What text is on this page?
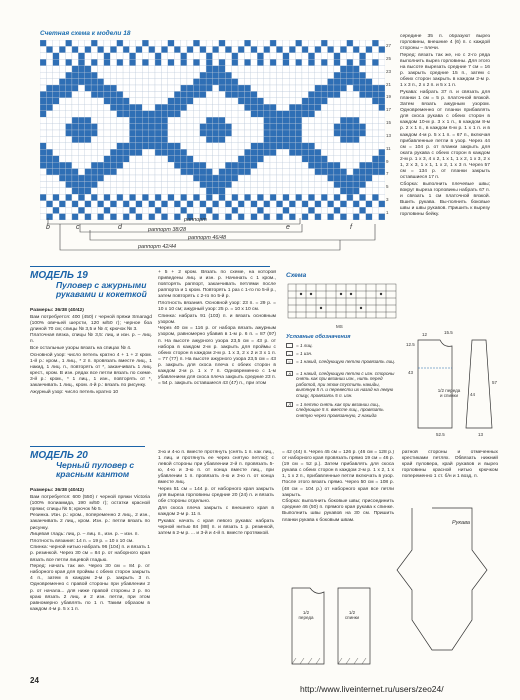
Счетная схема к модели 18
27
25
23
21
19
17
15
13
11
9
7
5
3
1
b	c	d	e	f
раппорт
раппорт 38/28
раппорт 46/48
раппорт 42/44

середине 35 п. образуют вырез горловины, внешние 4 (6) п. с каждой стороны – плечи.

Перед: вязать так же, но с 2-го ряда выполнить вырез горловины. Для этого на высоте вырезать средние 7 см = 16 р. закрыть средние 15 п., затем с обеих сторон закрыть в каждом 2-м р. 1 х 3 п., 2 х 2 п. и 5 х 1 п.

Рукава: набрать 37 п. и связать для планки 1 см = 5 р. платочной вязкой. Затем вязать ажурным узором. Одновременно от планки прибавлять для скоса рукава с обеих сторон в каждом 10-м р. 3 х 1 п., в каждом 8-м р. 2 х 1 п., в каждом 6-м р. 1 х 1 п. и в каждом 4-м р. 5 х 1 п. = 67 п., включая прибавленные петли в узор. Через 44 см = 104 р. от планки закрыть для оката рукава с обеих сторон в каждом 2-м р. 1 х 3, 4 х 2, 1 х 1, 1 х 2, 1 х 3, 2 х 1, 2 х 3, 1 х 1, 1 х 2, 1 х 3 п. Через 57 см = 134 р. от планки закрыть оставшиеся 17 п.

Сборка: выполнить плечевые швы; вокруг выреза горловины набрать 67 п. и связать 1 см платочной вязкой. Вшить рукава. Вы-полнить боковые швы и швы рукавов. Пришить к вырезу горловины бейку.

МОДЕЛЬ 19
Пуловер с ажурными рукавами и кокеткой

Размеры: 36/38 (40/42)

Вам потребуется: 400 (450) г черной пряжи Smaragd (100% овечьей шерсти, 120 м/50 г); черное боа длиной 70 см; спицы № 3,5 и № 4; крючок № 3.

Платочная вязка, спицы № 3,5: лиц. и изн. р. – лиц. п.

Все остальные узоры вязать на спицах № 4.

Основной узор: число петель кратно 4 + 1 + 2 кром. 1-й р.: кром., 1 лиц., * 2 п. провязать вместе лиц., 1 накид, 1 лиц. п., повторять от *, заканчивать 1 лиц. крест., кром. В изн. рядах все петли вязать по схеме. 3-й р.: кром., * 1 лиц., 1 изн., повторять от *, заканчивать 1 лиц., кром. 4-й р.: вязать по рисунку.

Ажурный узор: число петель кратно 10

+ 5 + 2 кром. Вязать по схеме, на которой приведены лиц. и изн. р. Начинать с 1 кром., повторять раппорт, заканчивать петлями после раппорта и 1 кром. Повторять 1 раз с 1-го по 5-й р., затем повторять с 2-го по 5-й р.

Плотность вязания. Основной узор: 23 п. = 29 р. = 10 x 10 см; ажурный узор: 25 р. = 10 x 10 см.

Спинка: набрать 91 (103) п. и вязать основным узором.

Через 40 см = 116 р. от набора вязать ажурным узором, равномерно убавив в 1-м р. 6 п. = 87 (97) п. На высоте ажурного узора 23,5 см = 43 р. от набора в каждом 2-м р. закрыть для проймы с обеих сторон в каждом 2-м р. 1 х 3, 2 х 2 и 3 х 1 п. = 77 (77) п. На высоте ажурного узора 23,5 см = 43 р. закрыть для скоса плеча с обеих сторон в каждом 2-м р. 1 x 7 п. Одновременно с 1-м убавлением для скоса плеча закрыть средние 23 п. = 54 р. закрыть оставшиеся 43 (47) п., при этом

Схема
MS
Условные обозначения
= 1 лиц.
–	= 1 изн.
○	= 1 накид, следующую петлю провязать лиц.
∧	= 1 накид, следующую петлю с изн. стороны снять как при вязании изн., нить перед работой, при этом спустить накиды, вытянув 5 п. и перевести их назад на левую спицу, провязать 5 п. изн.
⋀	= 1 петлю снять как при вязании лиц., следующие 5 п. вместе лиц., провязать снятую через провязанную, 2 накида
1/2 переда и спинки
43
12	15.5
52.5
12.5
57
44
13
МОДЕЛЬ 20
Черный пуловер с красным кантом

Размеры: 36/38 (40/42)

Вам потребуется: 600 (550) г черной пряжи Victoria (100% полиамида, 190 м/50 г); остатки красной пряжи; спицы № 5; крючок № 5.

Резинка. Изн. р.: кром., попеременно 2 лиц., 2 изн., заканчивать 2 лиц., кром. Изн. р.: петли вязать по рисунку.

Лицевая гладь: лиц. р. – лиц. п., изн. р. – изн. п.

Плотность вязания: 14 п. = 19 р. = 10 x 10 см.

Спинка: черной нитью набрать 96 (104) п. и вязать 1 р. резинкой. Через 30 см = 84 р. от наборного края вязать все петли лицевой гладью.

Перед: начать так же. Через 30 см = 84 р. от наборного края для проймы с обеих сторон закрыть 4 п., затем в каждом 2-м р. закрыть 3 п. Одновременно с правой стороны при убавлении 2 р. от начала... для ниже правой стороны 2 р. по краю вязать 2 лиц. и 2 изн. петли, при этом равномерно убавлять по 1 п. Таким образом в каждом 4-м р. 5 х 1 п.

3-ю и 4-ю п. вместе протянуть (снять 1 п. как лиц., 1 лиц. и протянуть ее через снятую петлю); с левой стороны при убавлении 2-й п. провязать 5-ю, 4-ю и 3-ю п. от конца вместе лиц., при убавлении 1 п. провязать 4-ю и 3-ю п. от конца вместе лиц.

Через 51 см = 144 р. от наборного края закрыть для выреза горловины средние 20 (24) п. и вязать обе стороны отдельно.

Для скоса плеча закрыть с внешнего края в каждом 2-м р. 11 п.

Рукава: начать с края левого рукава: набрать черной нитью 84 (88) п. и вязать 1 р. резинкой, затем в 2-м р. ... и 3-й и 4-й п. вместе протяжкой.

= 42 (44) п. Через 45 см = 126 р. (46 см = 128 р.) от наборного края провязать прямо 19 см = 46 р. (19 см = 52 р.). Затем прибавлять для скоса рукава с обеих сторон в каждом 2-м р. 1 х 2, 1 х 1, 1 х 2 п., прибавленные петли включать в узор. После этого вязать прямо. Через 50 см = 108 р. (48 см = 104 р.) от наборного края все петли закрыть.

Сборка: выполнить боковые швы; присоединить средние 46 (50) п. прямого края рукава к спинке. Выполнить швы рукавов на 30 см. Пришить планки рукава к боковым швам.

ратной стороны и отмеченных крестиками петлях. Обвязать нижний край пуловера, край рукавов и вырез горловины красной нитью крючком попеременно 1 ст. б/н и 1 возд. п.

Рукава
1/2 переда
1/2 спинки
24
http://www.liveinternet.ru/users/zeo24/
